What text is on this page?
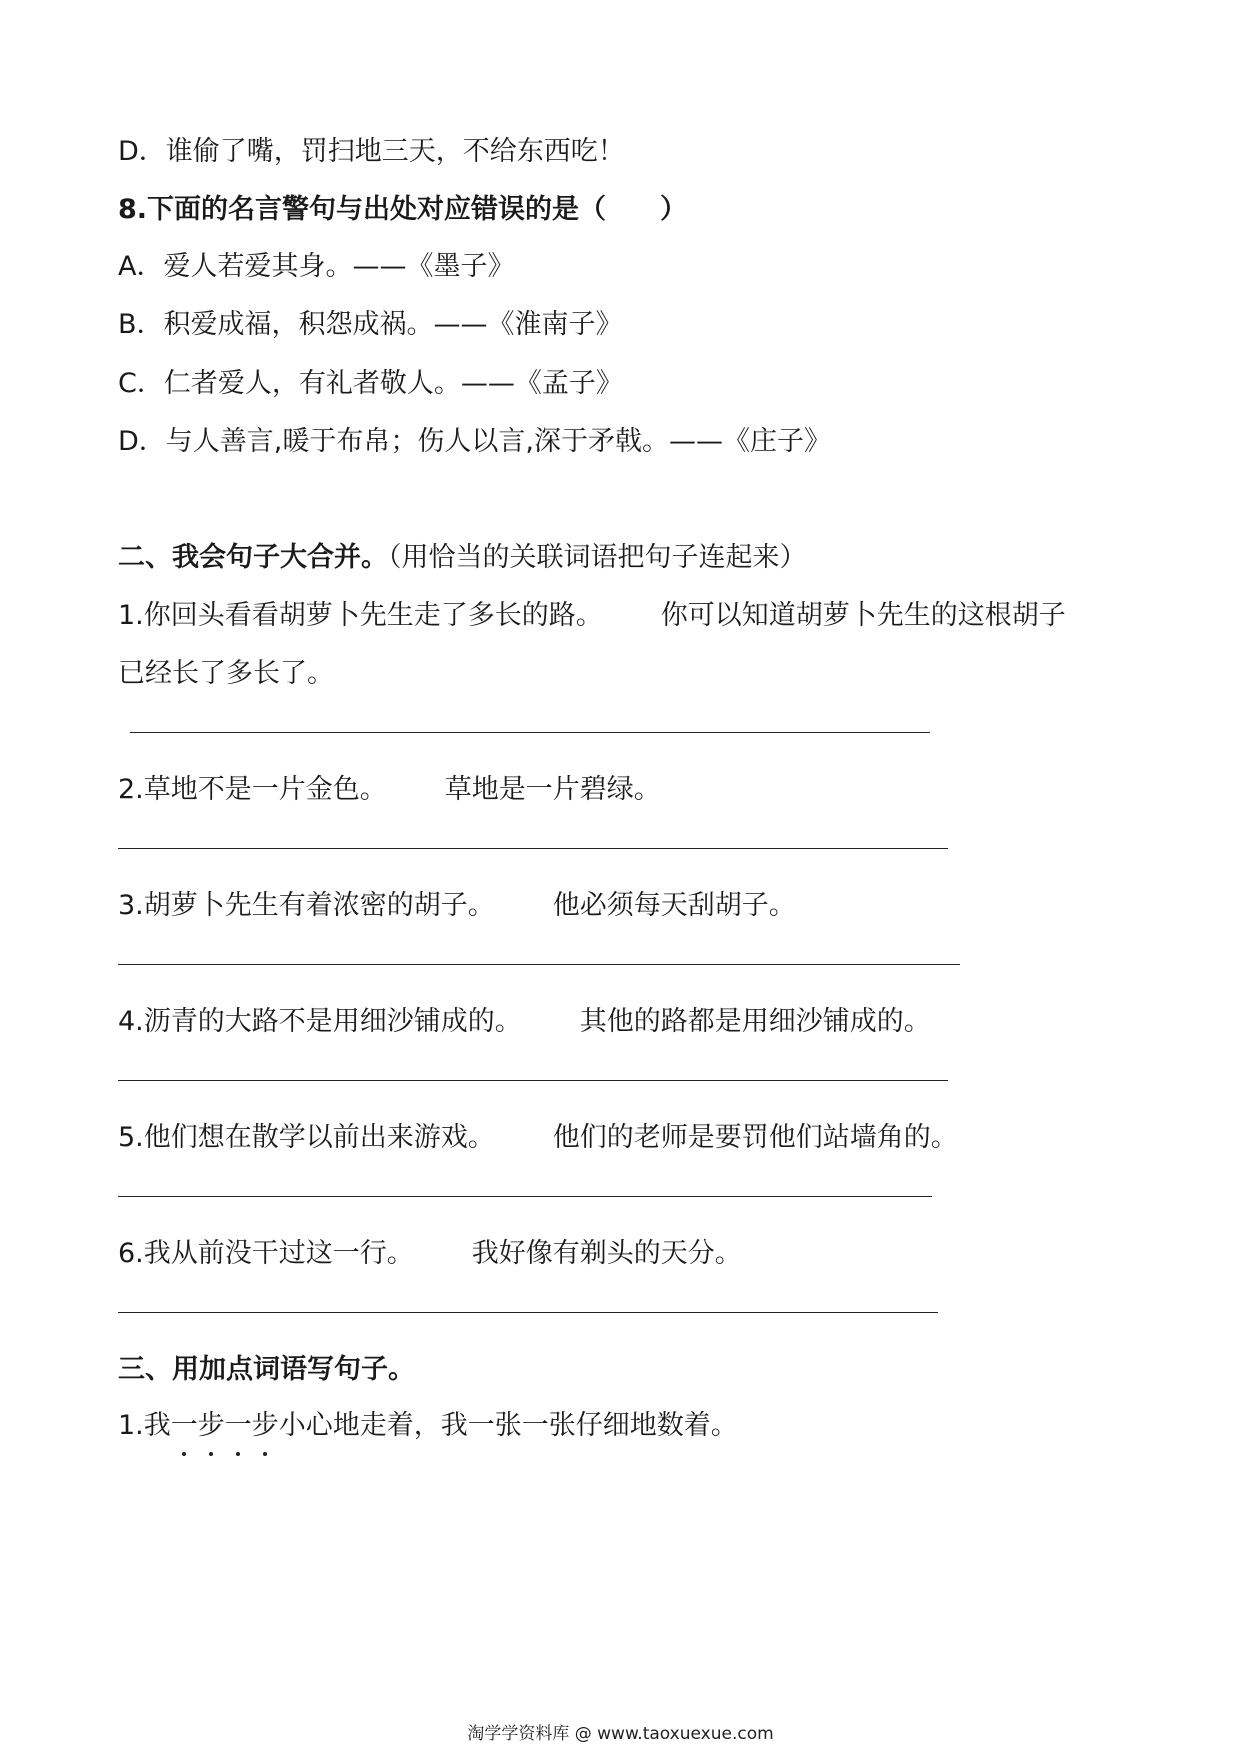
D．谁偷了嘴，罚扫地三天，不给东西吃！
8.下面的名言警句与出处对应错误的是（　　）
A．爱人若爱其身。——《墨子》
B．积爱成福，积怨成祸。——《淮南子》
C．仁者爱人，有礼者敬人。——《孟子》
D．与人善言,暖于布帛；伤人以言,深于矛戟。——《庄子》
二、我会句子大合并。（用恰当的关联词语把句子连起来）
1.你回头看看胡萝卜先生走了多长的路。 你可以知道胡萝卜先生的这根胡子
已经长了多长了。
2.草地不是一片金色。 草地是一片碧绿。
3.胡萝卜先生有着浓密的胡子。 他必须每天刮胡子。
4.沥青的大路不是用细沙铺成的。 其他的路都是用细沙铺成的。
5.他们想在散学以前出来游戏。 他们的老师是要罚他们站墙角的。
6.我从前没干过这一行。 我好像有剃头的天分。
三、用加点词语写句子。
1.我一
步
一
步
小心地走着，我一张一张仔细地数着。
淘学学资料库 @ www.taoxuexue.com
